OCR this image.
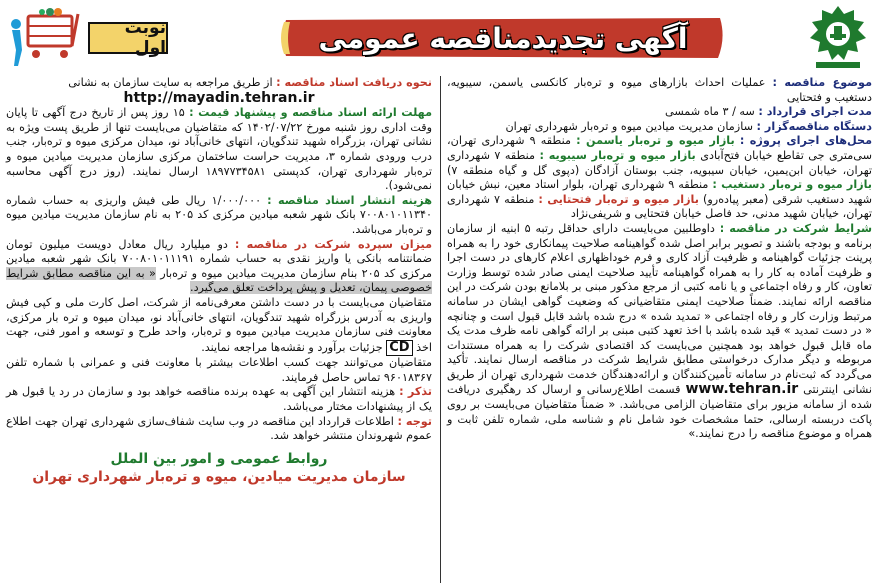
آگهی تجدیدمناقصه عمومی
نوبت اول

موضوع مناقصه : عملیات احداث بازارهای میوه و تره‌بار کانکسی یاسمن، سیبویه، دستغیب و فتحتایی

مدت اجرای قرارداد : سه / ۳ ماه شمسی

دستگاه مناقصه‌گزار : سازمان مدیریت میادین میوه و تره‌بار شهرداری تهران

محل‌های اجرای پروژه : بازار میوه و تره‌بار یاسمن : منطقه ۹ شهرداری تهران، سی‌متری جی تقاطع خیابان فتح‌آبادی بازار میوه و تره‌بار سیبویه : منطقه ۷ شهرداری تهران، خیابان ابن‌یمین، خیابان سیبویه، جنب بوستان آزادگان (دپوی گل و گیاه منطقه ۷) بازار میوه و تره‌بار دستغیب : منطقه ۹ شهرداری تهران، بلوار استاد معین، نبش خیابان شهید دستغیب شرقی (معبر پیاده‌رو) بازار میوه و تره‌بار فتحتایی : منطقه ۷ شهرداری تهران، خیابان شهید مدنی، حد فاصل خیابان فتحتایی و شریفی‌نژاد

شرایط شرکت در مناقصه : داوطلبین می‌بایست دارای حداقل رتبه ۵ ابنیه از سازمان برنامه و بودجه باشند و تصویر برابر اصل شده گواهینامه صلاحیت پیمانکاری خود را به همراه پرینت جزئیات گواهینامه و ظرفیت آزاد کاری و فرم خوداظهاری اعلام کارهای در دست اجرا و ظرفیت آماده به کار را به همراه گواهینامه تأیید صلاحیت ایمنی صادر شده توسط وزارت تعاون، کار و رفاه اجتماعی و یا نامه کتبی از مرجع مذکور مبنی بر بلامانع بودن شرکت در این مناقصه ارائه نمایند. ضمناً صلاحیت ایمنی متقاضیانی که وضعیت گواهی ایشان در سامانه مرتبط وزارت کار و رفاه اجتماعی « تمدید شده » درج شده باشد قابل قبول است و چنانچه « در دست تمدید » قید شده باشد با اخذ تعهد کتبی مبنی بر ارائه گواهی نامه ظرف مدت یک ماه قابل قبول خواهد بود همچنین می‌بایست کد اقتصادی شرکت را به همراه مستندات مربوطه و دیگر مدارک درخواستی مطابق شرایط شرکت در مناقصه ارسال نمایند. تأکید می‌گردد که ثبت‌نام در سامانه تأمین‌کنندگان و ارائه‌دهندگان خدمت شهرداری تهران از طریق نشانی اینترنتی www.tehran.ir قسمت اطلاع‌رسانی و ارسال کد رهگیری دریافت شده از سامانه مزبور برای متقاضیان الزامی می‌باشد. « ضمناً متقاضیان می‌بایست بر روی پاکت دربسته ارسالی، حتما مشخصات خود شامل نام و شناسه ملی، شماره تلفن ثابت و همراه و موضوع مناقصه را درج نمایند.»

نحوه دریافت اسناد مناقصه : از طریق مراجعه به سایت سازمان به نشانی

http://mayadin.tehran.ir

مهلت ارائه اسناد مناقصه و پیشنهاد قیمت : ۱۵ روز پس از تاریخ درج آگهی تا پایان وقت اداری روز شنبه مورخ ۱۴۰۲/۰۷/۲۲ که متقاضیان می‌بایست تنها از طریق پست ویژه به نشانی تهران، بزرگراه شهید تندگویان، انتهای خانی‌آباد نو، میدان مرکزی میوه و تره‌بار، جنب درب ورودی شماره ۳، مدیریت حراست ساختمان مرکزی سازمان مدیریت میادین میوه و تره‌بار شهرداری تهران، کدپستی ۱۸۹۷۷۳۴۵۸۱ ارسال نمایند. (روز درج آگهی محاسبه نمی‌شود).

هزینه انتشار اسناد مناقصه : ۱/۰۰۰/۰۰۰ ریال طی فیش واریزی به حساب شماره ۷۰۰۸۰۱۰۱۱۳۴۰ بانک شهر شعبه میادین مرکزی کد ۲۰۵ به نام سازمان مدیریت میادین میوه و تره‌بار می‌باشد.

میزان سپرده شرکت در مناقصه : دو میلیارد ریال معادل دویست میلیون تومان ضمانتنامه بانکی یا واریز نقدی به حساب شماره ۷۰۰۸۰۱۰۱۱۱۹۱ بانک شهر شعبه میادین مرکزی کد ۲۰۵ بنام سازمان مدیریت میادین میوه و تره‌بار « به این مناقصه مطابق شرایط خصوصی پیمان، تعدیل و پیش پرداخت تعلق می‌گیرد.

متقاضیان می‌بایست با در دست داشتن معرفی‌نامه از شرکت، اصل کارت ملی و کپی فیش واریزی به آدرس بزرگراه شهید تندگویان، انتهای خانی‌آباد نو، میدان میوه و تره بار مرکزی، معاونت فنی سازمان مدیریت میادین میوه و تره‌بار، واحد طرح و توسعه و امور فنی، جهت اخذ CD جزئیات برآورد و نقشه‌ها مراجعه نمایند.

متقاضیان می‌توانند جهت کسب اطلاعات بیشتر با معاونت فنی و عمرانی با شماره تلفن ۹۶۰۱۸۳۶۷ تماس حاصل فرمایند.

تذکر : هزینه انتشار این آگهی به عهده برنده مناقصه خواهد بود و سازمان در رد یا قبول هر یک از پیشنهادات مختار می‌باشد.

توجه : اطلاعات قرارداد این مناقصه در وب سایت شفاف‌سازی شهرداری تهران جهت اطلاع عموم شهروندان منتشر خواهد شد.

روابط عمومی و امور بین الملل
سازمان مدیریت میادین، میوه و تره‌بار شهرداری تهران
